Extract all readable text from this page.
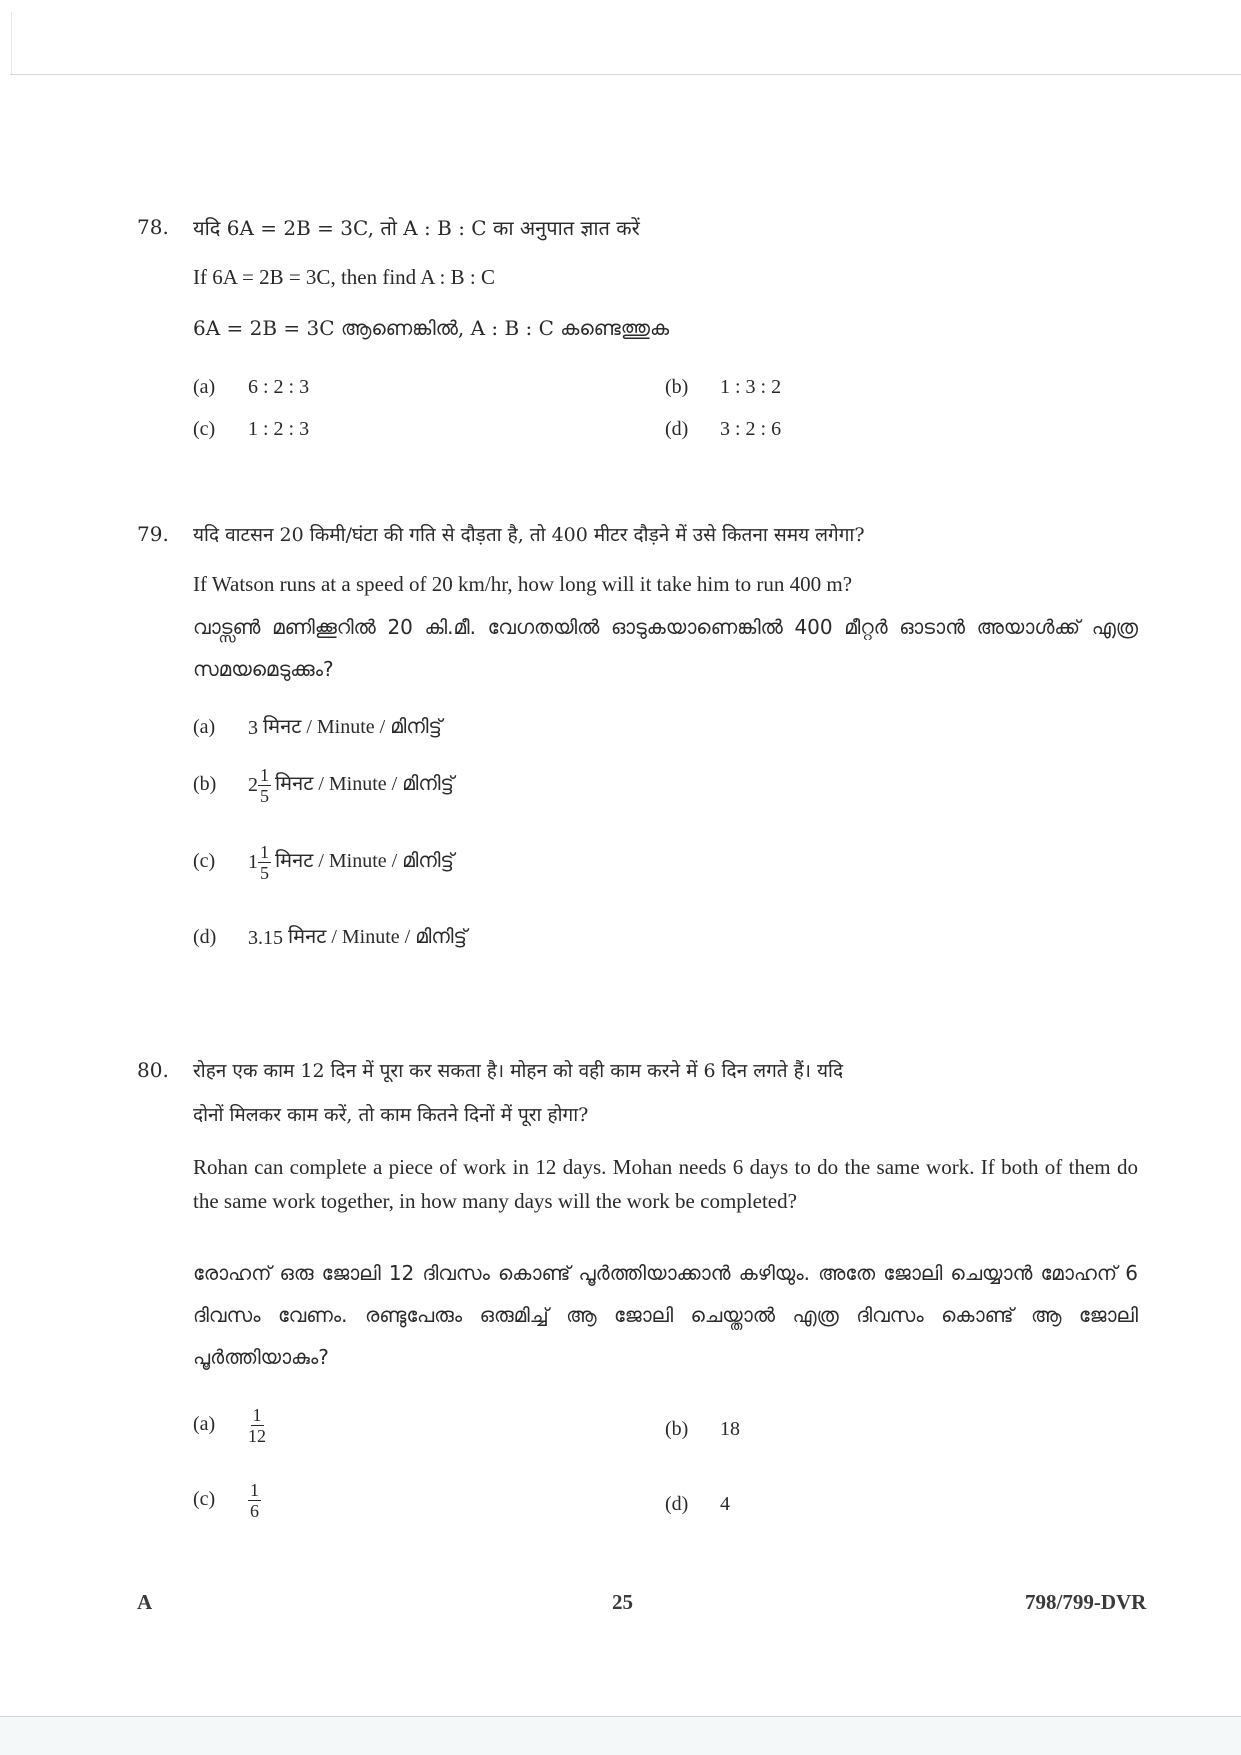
78. यदि 6A = 2B = 3C, तो A : B : C का अनुपात ज्ञात करें
If 6A = 2B = 3C, then find A : B : C
6A = 2B = 3C ആണെങ്കിൽ, A : B : C കണ്ടെത്തുക
(a) 6 : 2 : 3	(b) 1 : 3 : 2
(c) 1 : 2 : 3	(d) 3 : 2 : 6
79. यदि वाटसन 20 किमी/घंटा की गति से दौड़ता है, तो 400 मीटर दौड़ने में उसे कितना समय लगेगा?
If Watson runs at a speed of 20 km/hr, how long will it take him to run 400 m?
വാട്സൺ മണിക്കൂറിൽ 20 കി.മീ. വേഗതയിൽ ഓടുകയാണെങ്കിൽ 400 മീറ്റർ ഓടാൻ അയാൾക്ക് എത്ര സമയമെടുക്കും?
(a) 3 मिनट / Minute / മിനിട്ട്
(b) $2 \frac{1}{5}$ मिनट / Minute / മിനിട്ട്
(c) $1 \frac{1}{5}$ मिनट / Minute / മിനിട്ട്
(d) 3.15 मिनट / Minute / മിനിട്ട്
80. रोहन एक काम 12 दिन में पूरा कर सकता है। मोहन को वही काम करने में 6 दिन लगते हैं। यदि
दोनों मिलकर काम करें, तो काम कितने दिनों में पूरा होगा?
Rohan can complete a piece of work in 12 days. Mohan needs 6 days to do the same work. If both of them do the same work together, in how many days will the work be completed?
രോഹന് ഒരു ജോലി 12 ദിവസം കൊണ്ട് പൂർത്തിയാക്കാൻ കഴിയും. അതേ ജോലി ചെയ്യാൻ മോഹന് 6 ദിവസം വേണം. രണ്ടുപേരും ഒരുമിച്ച് ആ ജോലി ചെയ്താൽ എത്ര ദിവസം കൊണ്ട് ആ ജോലി പൂർത്തിയാകും?
$(a) \frac{1}{12}$	(b) 18
$(c) \frac{1}{6}$	(d) 4
A	25	798/799-DVR
